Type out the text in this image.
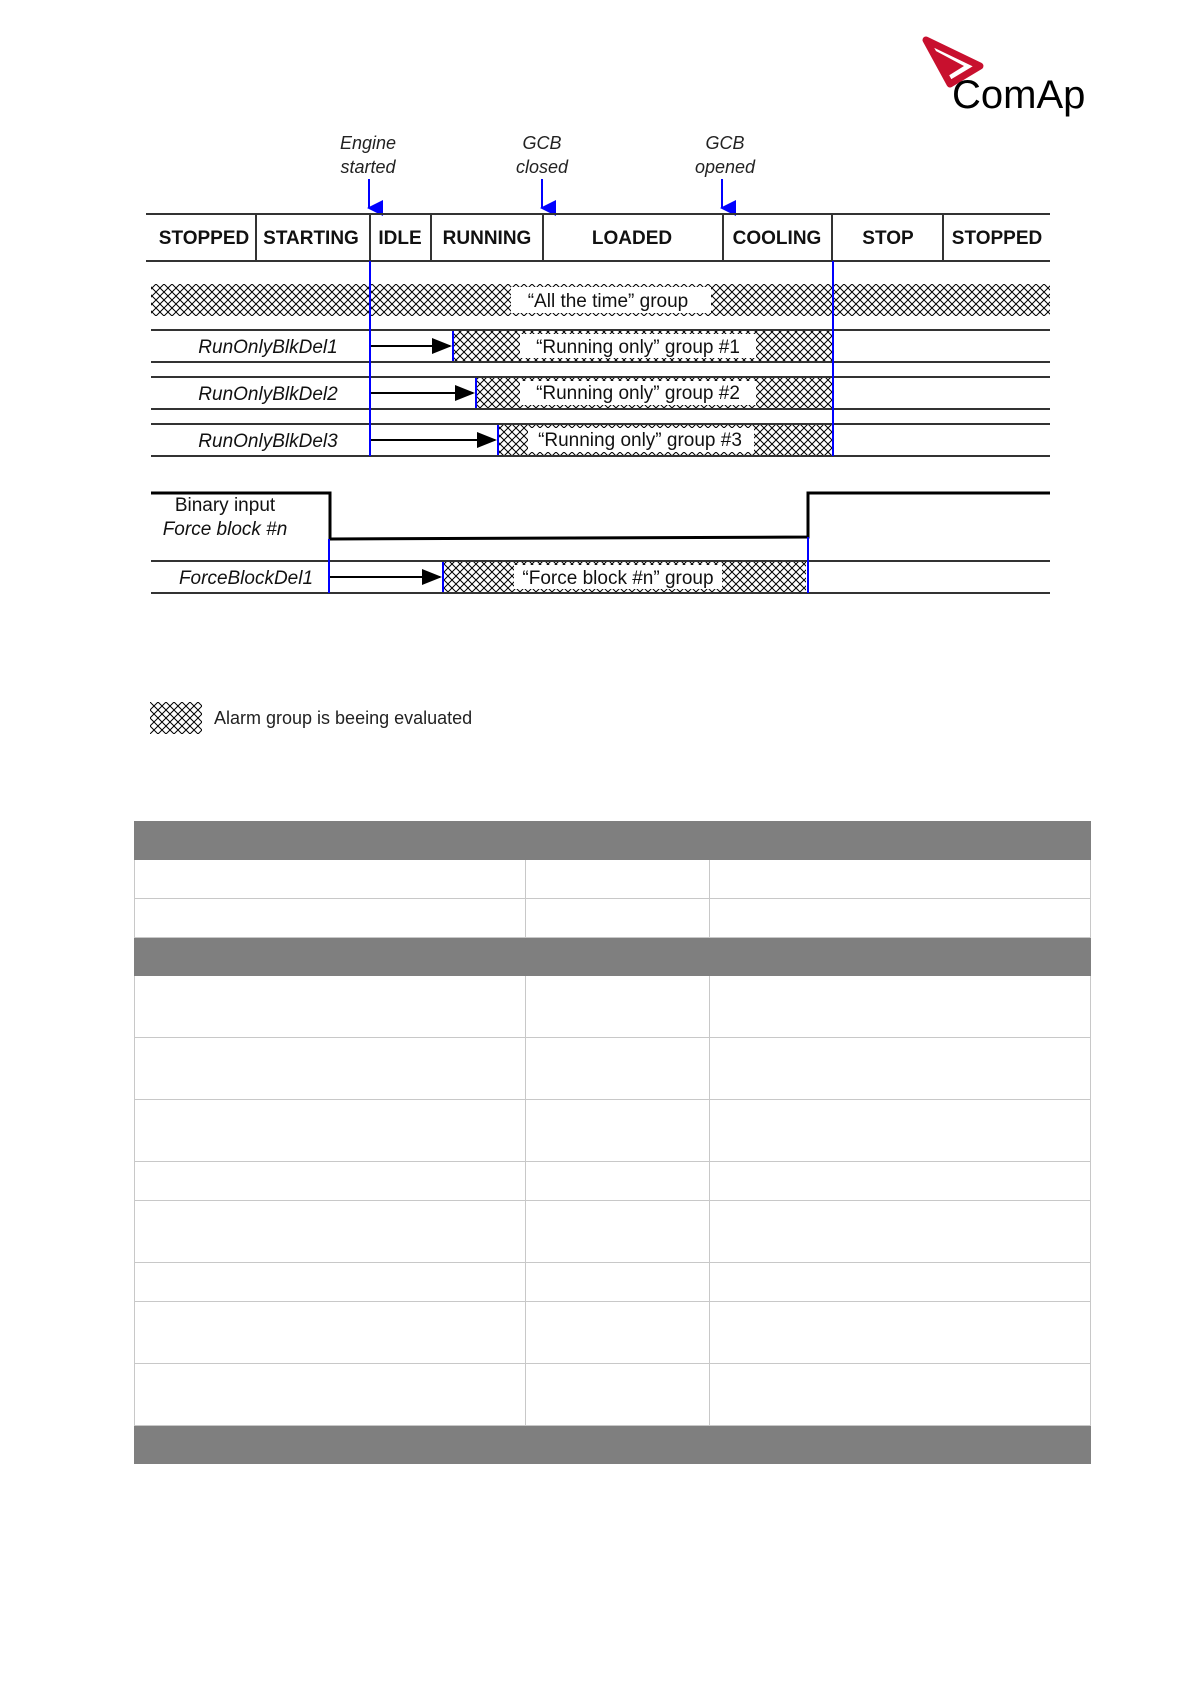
ComAp
Engine
started
GCB
closed
GCB
opened
STOPPED STARTING IDLE RUNNING	LOADED	COOLING STOP STOPPED
“All the time” group
RunOnlyBlkDel1
RunOnlyBlkDel2
RunOnlyBlkDel3
“Running only” group #1
“Running only” group #2
“Running only” group #3
Binary input
Force block #n
ForceBlockDel1	“Force block #n” group
Alarm group is beeing evaluated
